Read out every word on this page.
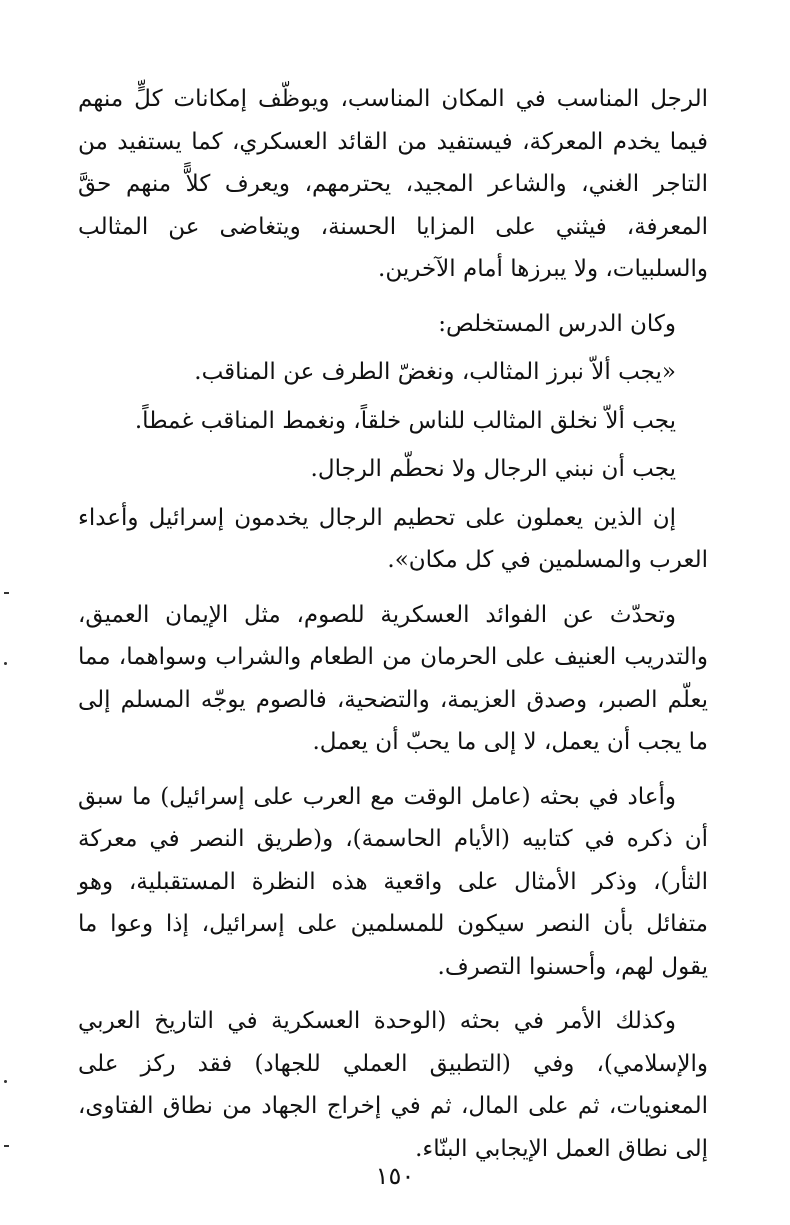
الرجل المناسب في المكان المناسب، ويوظّف إمكانات كلٍّ منهم فيما يخدم المعركة، فيستفيد من القائد العسكري، كما يستفيد من التاجر الغني، والشاعر المجيد، يحترمهم، ويعرف كلاًّ منهم حقَّ المعرفة، فيثني على المزايا الحسنة، ويتغاضى عن المثالب والسلبيات، ولا يبرزها أمام الآخرين.

وكان الدرس المستخلص:

«يجب ألاّ نبرز المثالب، ونغضّ الطرف عن المناقب.

يجب ألاّ نخلق المثالب للناس خلقاً، ونغمط المناقب غمطاً.

يجب أن نبني الرجال ولا نحطّم الرجال.

إن الذين يعملون على تحطيم الرجال يخدمون إسرائيل وأعداء العرب والمسلمين في كل مكان».

وتحدّث عن الفوائد العسكرية للصوم، مثل الإيمان العميق، والتدريب العنيف على الحرمان من الطعام والشراب وسواهما، مما يعلّم الصبر، وصدق العزيمة، والتضحية، فالصوم يوجّه المسلم إلى ما يجب أن يعمل، لا إلى ما يحبّ أن يعمل.

وأعاد في بحثه (عامل الوقت مع العرب على إسرائيل) ما سبق أن ذكره في كتابيه (الأيام الحاسمة)، و(طريق النصر في معركة الثأر)، وذكر الأمثال على واقعية هذه النظرة المستقبلية، وهو متفائل بأن النصر سيكون للمسلمين على إسرائيل، إذا وعوا ما يقول لهم، وأحسنوا التصرف.

وكذلك الأمر في بحثه (الوحدة العسكرية في التاريخ العربي والإسلامي)، وفي (التطبيق العملي للجهاد) فقد ركز على المعنويات، ثم على المال، ثم في إخراج الجهاد من نطاق الفتاوى، إلى نطاق العمل الإيجابي البنّاء.

١٥٠
